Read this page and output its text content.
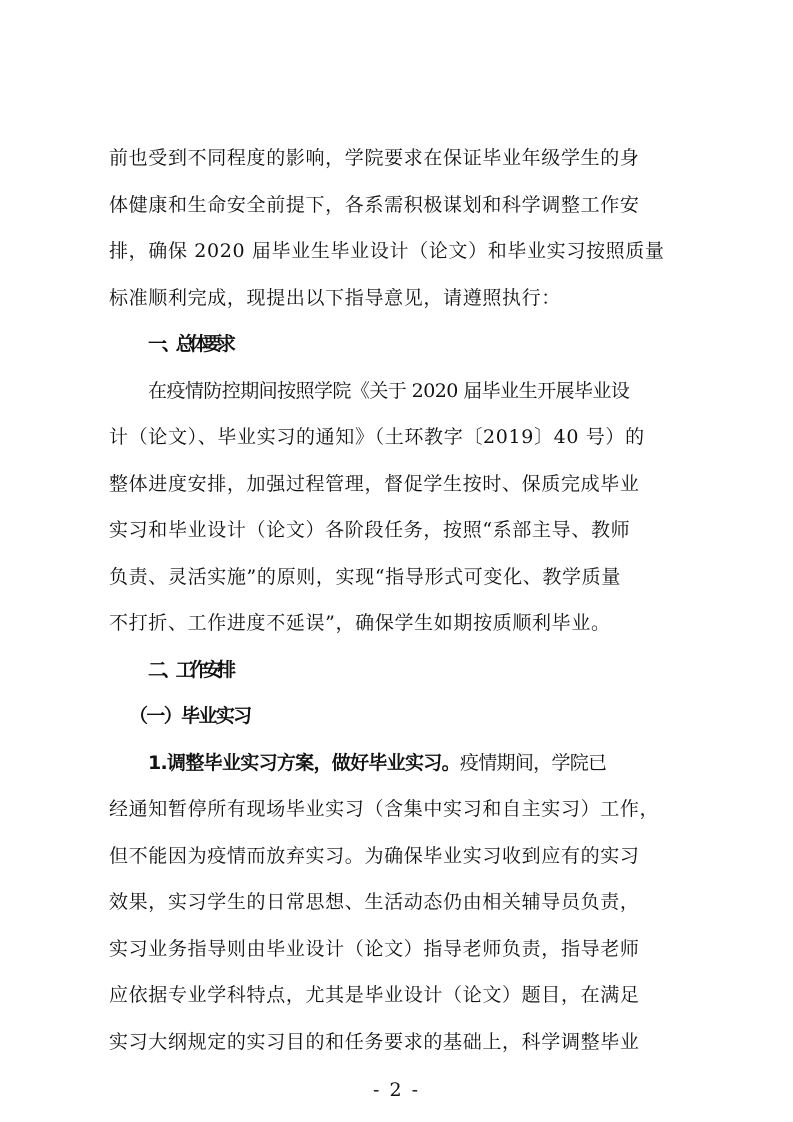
前也受到不同程度的影响，学院要求在保证毕业年级学生的身
体健康和生命安全前提下，各系需积极谋划和科学调整工作安
排，确保 2020 届毕业生毕业设计（论文）和毕业实习按照质量
标准顺利完成，现提出以下指导意见，请遵照执行：
一、总体要求
在疫情防控期间按照学院《关于 2020 届毕业生开展毕业设
计（论文）、毕业实习的通知》（土环教字〔2019〕40 号）的
整体进度安排，加强过程管理，督促学生按时、保质完成毕业
实习和毕业设计（论文）各阶段任务，按照“系部主导、教师
负责、灵活实施”的原则，实现“指导形式可变化、教学质量
不打折、工作进度不延误”，确保学生如期按质顺利毕业。
二、工作安排
（一）毕业实习
1.调整毕业实习方案，做好毕业实习。疫情期间，学院已
经通知暂停所有现场毕业实习（含集中实习和自主实习）工作，
但不能因为疫情而放弃实习。为确保毕业实习收到应有的实习
效果，实习学生的日常思想、生活动态仍由相关辅导员负责，
实习业务指导则由毕业设计（论文）指导老师负责，指导老师
应依据专业学科特点，尤其是毕业设计（论文）题目，在满足
实习大纲规定的实习目的和任务要求的基础上，科学调整毕业
- 2 -
